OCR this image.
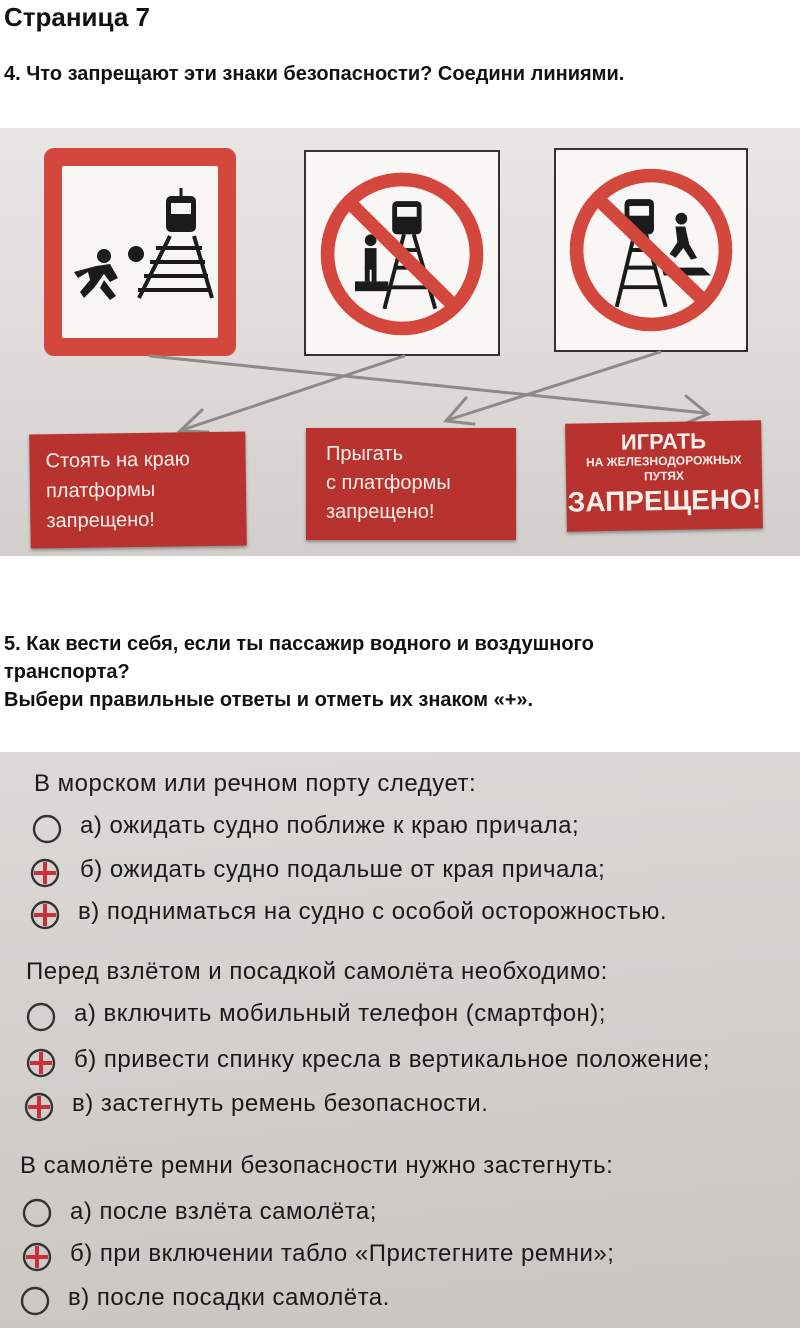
Страница 7
4. Что запрещают эти знаки безопасности? Соедини линиями.
Стоять на краю
платформы
запрещено!
Прыгать
с платформы
запрещено!
ИГРАТЬ
НА ЖЕЛЕЗНОДОРОЖНЫХ
ПУТЯХ
ЗАПРЕЩЕНО!
5. Как вести себя, если ты пассажир водного и воздушного
транспорта?
Выбери правильные ответы и отметь их знаком «+».
В морском или речном порту следует:
а) ожидать судно поближе к краю причала;
б) ожидать судно подальше от края причала;
в) подниматься на судно с особой осторожностью.
Перед взлётом и посадкой самолёта необходимо:
а) включить мобильный телефон (смартфон);
б) привести спинку кресла в вертикальное положение;
в) застегнуть ремень безопасности.
В самолёте ремни безопасности нужно застегнуть:
а) после взлёта самолёта;
б) при включении табло «Пристегните ремни»;
в) после посадки самолёта.
